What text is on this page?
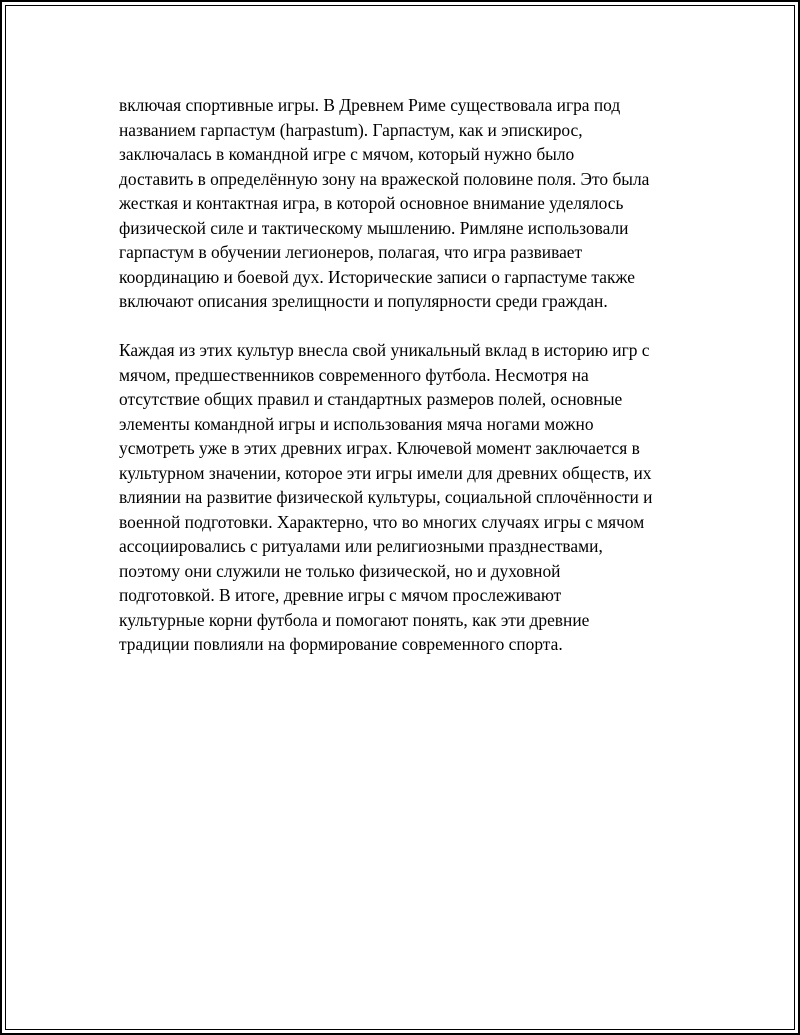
включая спортивные игры. В Древнем Риме существовала игра под
названием гарпастум (harpastum). Гарпастум, как и эпискирос,
заключалась в командной игре с мячом, который нужно было
доставить в определённую зону на вражеской половине поля. Это была
жесткая и контактная игра, в которой основное внимание уделялось
физической силе и тактическому мышлению. Римляне использовали
гарпастум в обучении легионеров, полагая, что игра развивает
координацию и боевой дух. Исторические записи о гарпастуме также
включают описания зрелищности и популярности среди граждан.
Каждая из этих культур внесла свой уникальный вклад в историю игр с
мячом, предшественников современного футбола. Несмотря на
отсутствие общих правил и стандартных размеров полей, основные
элементы командной игры и использования мяча ногами можно
усмотреть уже в этих древних играх. Ключевой момент заключается в
культурном значении, которое эти игры имели для древних обществ, их
влиянии на развитие физической культуры, социальной сплочённости и
военной подготовки. Характерно, что во многих случаях игры с мячом
ассоциировались с ритуалами или религиозными празднествами,
поэтому они служили не только физической, но и духовной
подготовкой. В итоге, древние игры с мячом прослеживают
культурные корни футбола и помогают понять, как эти древние
традиции повлияли на формирование современного спорта.
